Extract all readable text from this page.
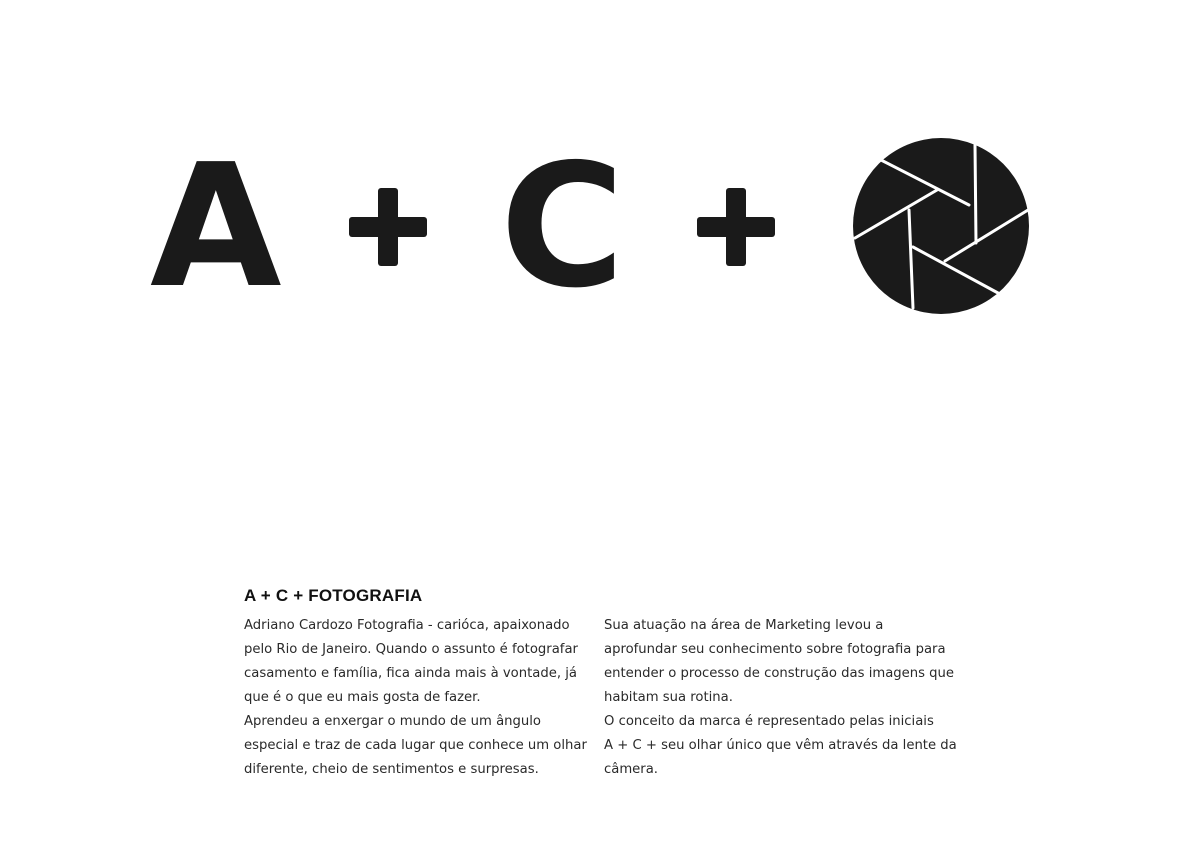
A C
A + C + FOTOGRAFIA
Adriano Cardozo Fotografia - carióca, apaixonado
pelo Rio de Janeiro. Quando o assunto é fotografar
casamento e família, fica ainda mais à vontade, já
que é o que eu mais gosta de fazer.
Aprendeu a enxergar o mundo de um ângulo
especial e traz de cada lugar que conhece um olhar
diferente, cheio de sentimentos e surpresas.
Sua atuação na área de Marketing levou a
aprofundar seu conhecimento sobre fotografia para
entender o processo de construção das imagens que
habitam sua rotina.
O conceito da marca é representado pelas iniciais
A + C + seu olhar único que vêm através da lente da
câmera.
